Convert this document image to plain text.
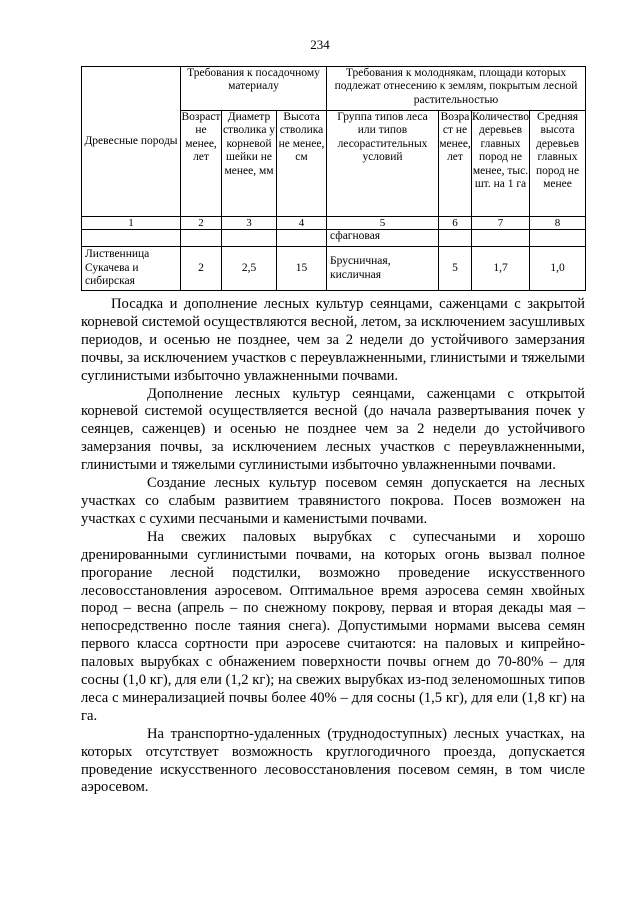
234
Древесные породы	Требования к посадочному материалу			Требования к молоднякам, площади которых подлежат отнесению к землям, покрытым лесной растительностью			
	Возраст не менее, лет	Диаметр стволика у корневой шейки не менее, мм	Высота стволика не менее, см	Группа типов леса или типов лесорастительных условий	Возраст не менее, лет	Количество деревьев главных пород не менее, тыс. шт. на 1 га	Средняя высота деревьев главных пород не менее
1	2	3	4	5	6	7	8
				сфагновая			
Лиственница Сукачева и сибирская	2	2,5	15	Брусничная, кисличная	5	1,7	1,0

Посадка и дополнение лесных культур сеянцами, саженцами с закрытой корневой системой осуществляются весной, летом, за исключением засушливых периодов, и осенью не позднее, чем за 2 недели до устойчивого замерзания почвы, за исключением участков с переувлажненными, глинистыми и тяжелыми суглинистыми избыточно увлажненными почвами.

Дополнение лесных культур сеянцами, саженцами с открытой корневой системой осуществляется весной (до начала развертывания почек у сеянцев, саженцев) и осенью не позднее чем за 2 недели до устойчивого замерзания почвы, за исключением лесных участков с переувлажненными, глинистыми и тяжелыми суглинистыми избыточно увлажненными почвами.

Создание лесных культур посевом семян допускается на лесных участках со слабым развитием травянистого покрова. Посев возможен на участках с сухими песчаными и каменистыми почвами.

На свежих паловых вырубках с супесчаными и хорошо дренированными суглинистыми почвами, на которых огонь вызвал полное прогорание лесной подстилки, возможно проведение искусственного лесовосстановления аэросевом. Оптимальное время аэросева семян хвойных пород – весна (апрель – по снежному покрову, первая и вторая декады мая – непосредственно после таяния снега). Допустимыми нормами высева семян первого класса сортности при аэросеве считаются: на паловых и кипрейно-паловых вырубках с обнажением поверхности почвы огнем до 70-80% – для сосны (1,0 кг), для ели (1,2 кг); на свежих вырубках из-под зеленомошных типов леса с минерализацией почвы более 40% – для сосны (1,5 кг), для ели (1,8 кг) на га.

На транспортно-удаленных (труднодоступных) лесных участках, на которых отсутствует возможность круглогодичного проезда, допускается проведение искусственного лесовосстановления посевом семян, в том числе аэросевом.
